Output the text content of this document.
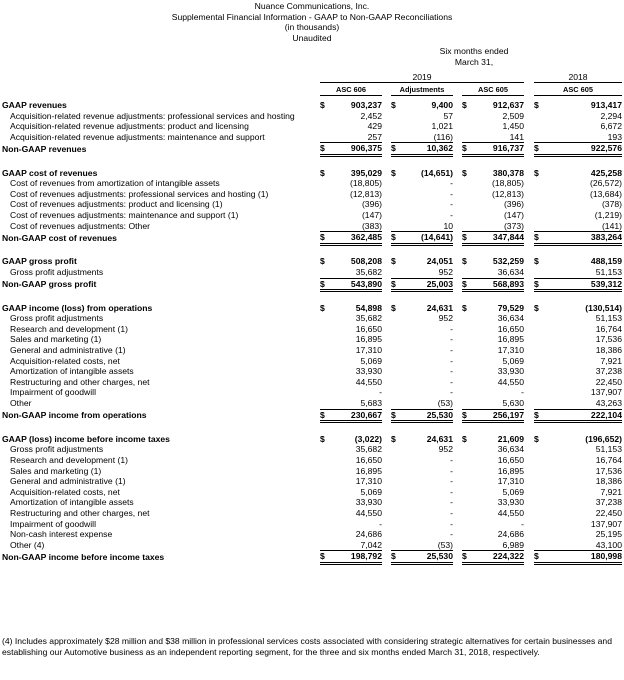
Nuance Communications, Inc.
Supplemental Financial Information - GAAP to Non-GAAP Reconciliations
(in thousands)
Unaudited
Six months ended
March 31,
2019	2018
ASC 606	Adjustments	ASC 605	ASC 605
GAAP revenues	$	903,237		$	9,400		$	912,637		$	913,417
Acquisition-related revenue adjustments: professional services and hosting		2,452			57			2,509			2,294
Acquisition-related revenue adjustments: product and licensing		429			1,021			1,450			6,672
Acquisition-related revenue adjustments: maintenance and support		257			(116)			141			193
Non-GAAP revenues	$	906,375		$	10,362		$	916,737		$	922,576

GAAP cost of revenues	$	395,029		$	(14,651)		$	380,378		$	425,258
Cost of revenues from amortization of intangible assets		(18,805)			-			(18,805)			(26,572)
Cost of revenues adjustments: professional services and hosting (1)		(12,813)			-			(12,813)			(13,684)
Cost of revenues adjustments: product and licensing (1)		(396)			-			(396)			(378)
Cost of revenues adjustments: maintenance and support (1)		(147)			-			(147)			(1,219)
Cost of revenues adjustments: Other		(383)			10			(373)			(141)
Non-GAAP cost of revenues	$	362,485		$	(14,641)		$	347,844		$	383,264

GAAP gross profit	$	508,208		$	24,051		$	532,259		$	488,159
Gross profit adjustments		35,682			952			36,634			51,153
Non-GAAP gross profit	$	543,890		$	25,003		$	568,893		$	539,312

GAAP income (loss) from operations	$	54,898		$	24,631		$	79,529		$	(130,514)
Gross profit adjustments		35,682			952			36,634			51,153
Research and development (1)		16,650			-			16,650			16,764
Sales and marketing (1)		16,895			-			16,895			17,536
General and administrative (1)		17,310			-			17,310			18,386
Acquisition-related costs, net		5,069			-			5,069			7,921
Amortization of intangible assets		33,930			-			33,930			37,238
Restructuring and other charges, net		44,550			-			44,550			22,450
Impairment of goodwill		-			-			-			137,907
Other		5,683			(53)			5,630			43,263
Non-GAAP income from operations	$	230,667		$	25,530		$	256,197		$	222,104

GAAP (loss) income before income taxes	$	(3,022)		$	24,631		$	21,609		$	(196,652)
Gross profit adjustments		35,682			952			36,634			51,153
Research and development (1)		16,650			-			16,650			16,764
Sales and marketing (1)		16,895			-			16,895			17,536
General and administrative (1)		17,310			-			17,310			18,386
Acquisition-related costs, net		5,069			-			5,069			7,921
Amortization of intangible assets		33,930			-			33,930			37,238
Restructuring and other charges, net		44,550			-			44,550			22,450
Impairment of goodwill		-			-			-			137,907
Non-cash interest expense		24,686			-			24,686			25,195
Other (4)		7,042			(53)			6,989			43,100
Non-GAAP income before income taxes	$	198,792		$	25,530		$	224,322		$	180,998
(4) Includes approximately $28 million and $38 million in professional services costs associated with considering strategic alternatives for certain businesses and establishing our Automotive business as an independent reporting segment, for the three and six months ended March 31, 2018, respectively.
